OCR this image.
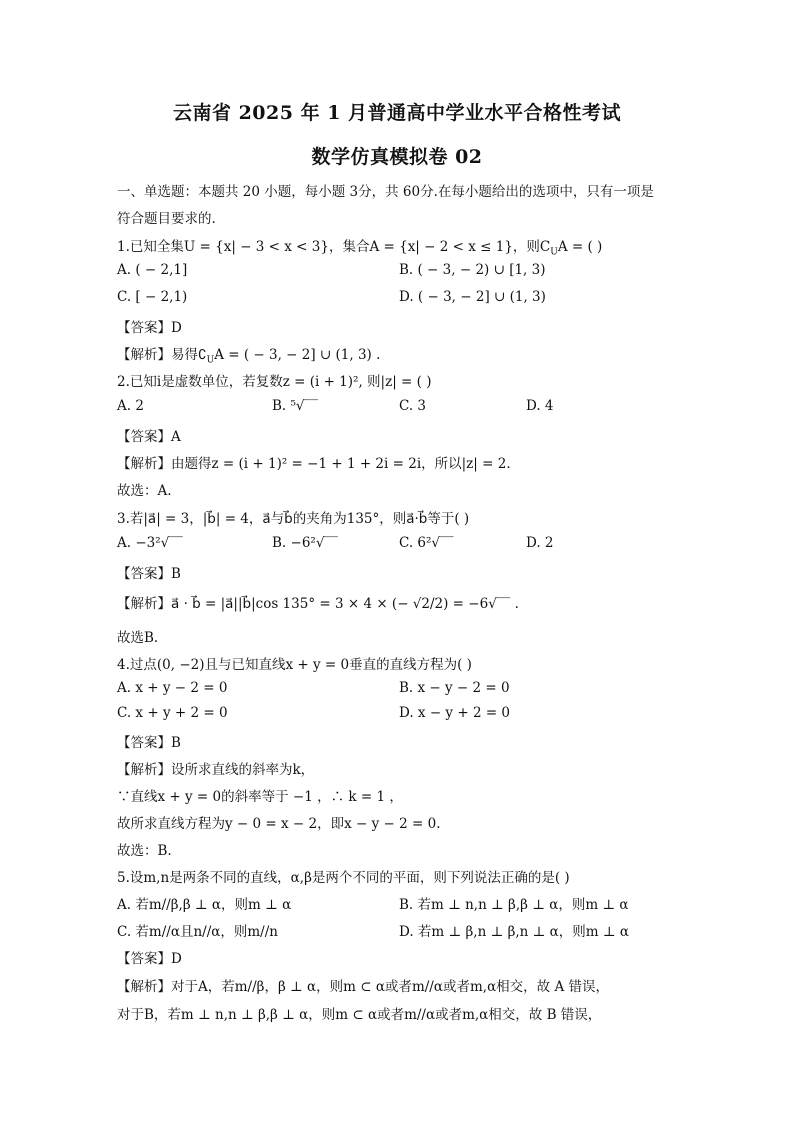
云南省 2025 年 1 月普通高中学业水平合格性考试
数学仿真模拟卷 02
一、单选题：本题共 20 小题，每小题 3分，共 60分.在每小题给出的选项中，只有一项是
符合题目要求的.
1.已知全集U = {x| − 3 < x < 3}，集合A = {x| − 2 < x ≤ 1}，则$C_UA$ = ( )
A. ( − 2,1]	B. ( − 3, − 2) ∪ [1, 3)
C. [ − 2,1)	D. ( − 3, − 2] ∪ (1, 3)
【答案】D
【解析】易得$∁_UA$ = ( − 3, − 2] ∪ (1, 3) .
2.已知i是虚数单位，若复数z = (i + 1)², 则|z| = ( )
A. 2	B. ⁵√‾‾	C. 3	D. 4
【答案】A
【解析】由题得z = (i + 1)² = −1 + 1 + 2i = 2i，所以|z| = 2.
故选：A.
3.若|a⃗| = 3，|b⃗| = 4，a⃗与b⃗的夹角为135°，则a⃗·b⃗等于( )
A. −3²√‾‾	B. −6²√‾‾	C. 6²√‾‾	D. 2
【答案】B
【解析】a⃗ · b⃗ = |a⃗||b⃗|cos 135° = 3 × 4 × (− √2/2) = −6√‾‾ .
故选B.
4.过点(0, −2)且与已知直线x + y = 0垂直的直线方程为( )
A. x + y − 2 = 0	B. x − y − 2 = 0
C. x + y + 2 = 0	D. x − y + 2 = 0
【答案】B
【解析】设所求直线的斜率为k，
∵直线x + y = 0的斜率等于 −1 ，∴ k = 1 ，
故所求直线方程为y − 0 = x − 2，即x − y − 2 = 0.
故选：B.
5.设m,n是两条不同的直线，α,β是两个不同的平面，则下列说法正确的是( )
A. 若m//β,β ⊥ α，则m ⊥ α	B. 若m ⊥ n,n ⊥ β,β ⊥ α，则m ⊥ α
C. 若m//α且n//α，则m//n	D. 若m ⊥ β,n ⊥ β,n ⊥ α，则m ⊥ α
【答案】D
【解析】对于A，若m//β，β ⊥ α，则m ⊂ α或者m//α或者m,α相交，故 A 错误，
对于B，若m ⊥ n,n ⊥ β,β ⊥ α，则m ⊂ α或者m//α或者m,α相交，故 B 错误，
